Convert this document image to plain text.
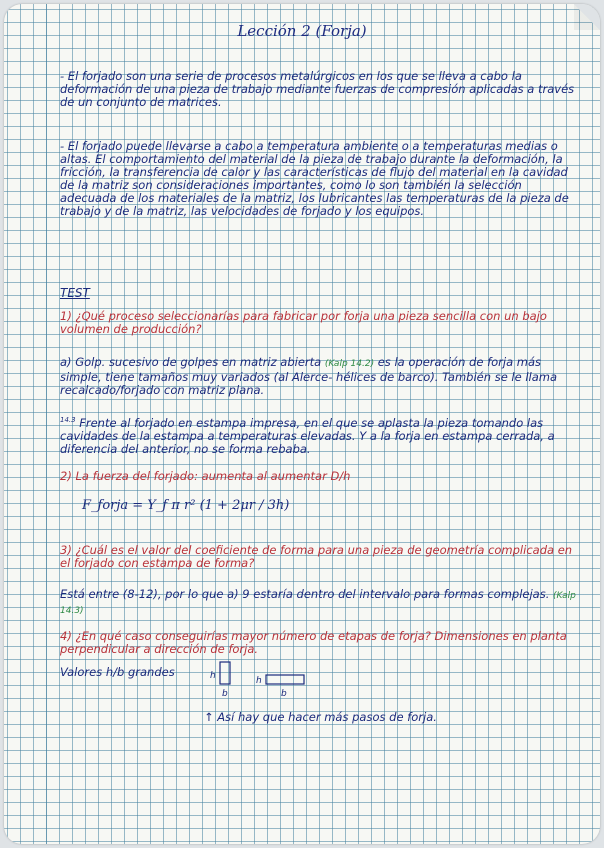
Lección 2 (Forja)
- El forjado son una serie de procesos metalúrgicos en los que se lleva a cabo la deformación de una pieza de trabajo mediante fuerzas de compresión aplicadas a través de un conjunto de matrices.
- El forjado puede llevarse a cabo a temperatura ambiente o a temperaturas medias o altas. El comportamiento del material de la pieza de trabajo durante la deformación, la fricción, la transferencia de calor y las características de flujo del material en la cavidad de la matriz son consideraciones importantes, como lo son también la selección adecuada de los materiales de la matriz, los lubricantes las temperaturas de la pieza de trabajo y de la matriz, las velocidades de forjado y los equipos.
TEST
1) ¿Qué proceso seleccionarías para fabricar por forja una pieza sencilla con un bajo volumen de producción?
a) Golp. sucesivo de golpes en matriz abierta (Kalp 14.2) es la operación de forja más simple, tiene tamaños muy variados (al Alerce- hélices de barco). También se le llama recalcado/forjado con matriz plana.
$^{14.3}$ Frente al forjado en estampa impresa, en el que se aplasta la pieza tomando las cavidades de la estampa a temperaturas elevadas. Y a la forja en estampa cerrada, a diferencia del anterior, no se forma rebaba.
2) La fuerza del forjado: aumenta al aumentar D/h
F_forja = Y_f π r² (1 + 2μr / 3h)
3) ¿Cuál es el valor del coeficiente de forma para una pieza de geometría complicada en el forjado con estampa de forma?
Está entre (8-12), por lo que a) 9 estaría dentro del intervalo para formas complejas. (Kalp 14.3)
4) ¿En qué caso conseguirías mayor número de etapas de forja? Dimensiones en planta perpendicular a dirección de forja.
Valores h/b grandes	h
b
h
b
↑ Así hay que hacer más pasos de forja.
